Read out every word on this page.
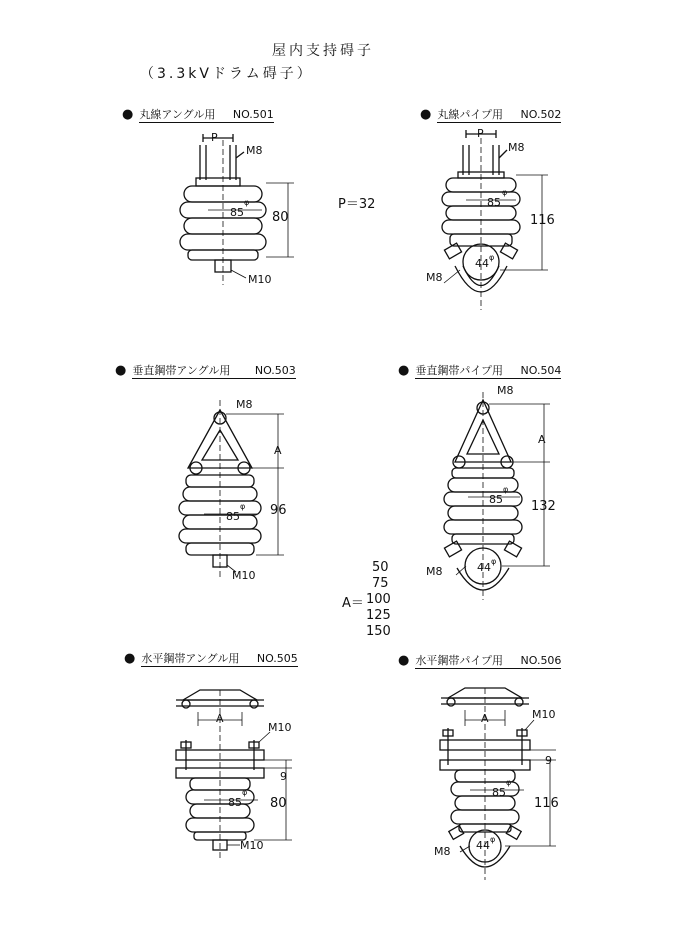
屋内支持碍子
（3.3kVドラム碍子）
● 丸線アングル用 NO.501	● 丸線パイプ用 NO.502
● 垂直鋼帯アングル用 NO.503	● 垂直鋼帯パイプ用 NO.504
● 水平鋼帯アングル用 NO.505	● 水平鋼帯パイプ用 NO.506
P
M8
85
φ
80
M10
P＝32
P
M8
85
φ
116
M8
44 φ
M8
A
85
φ 96
M10
M8
A
85
φ
132
M8	44 φ
50
75
A＝ 100
125
150
A
M10
9
85
φ
80
M10
A	M10
9
85
φ
116
M8 44 φ
